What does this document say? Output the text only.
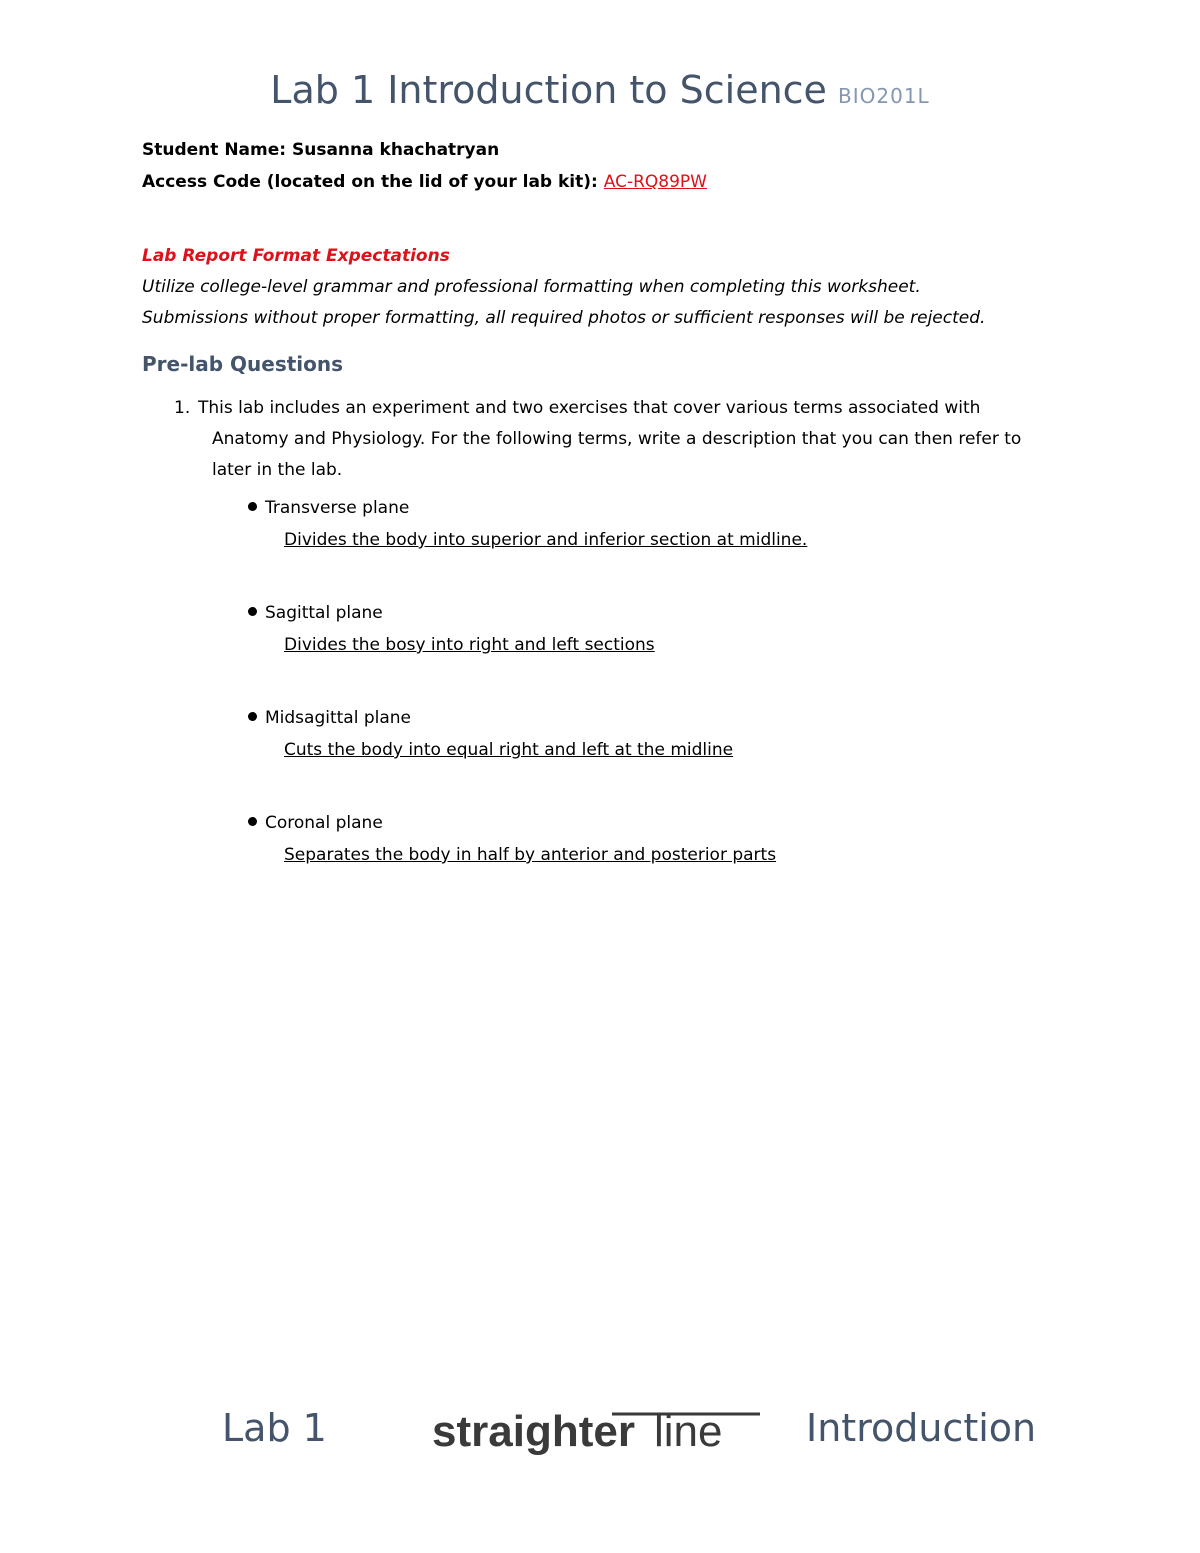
Lab 1 Introduction to Science BIO201L
Student Name: Susanna khachatryan
Access Code (located on the lid of your lab kit): AC-RQ89PW
Lab Report Format Expectations
Utilize college-level grammar and professional formatting when completing this worksheet.
Submissions without proper formatting, all required photos or sufficient responses will be rejected.
Pre-lab Questions
1. This lab includes an experiment and two exercises that cover various terms associated with
Anatomy and Physiology. For the following terms, write a description that you can then refer to
later in the lab.
Transverse plane
Divides the body into superior and inferior section at midline.
Sagittal plane
Divides the bosy into right and left sections
Midsagittal plane
Cuts the body into equal right and left at the midline
Coronal plane
Separates the body in half by anterior and posterior parts
Lab 1 straighter line Introduction
